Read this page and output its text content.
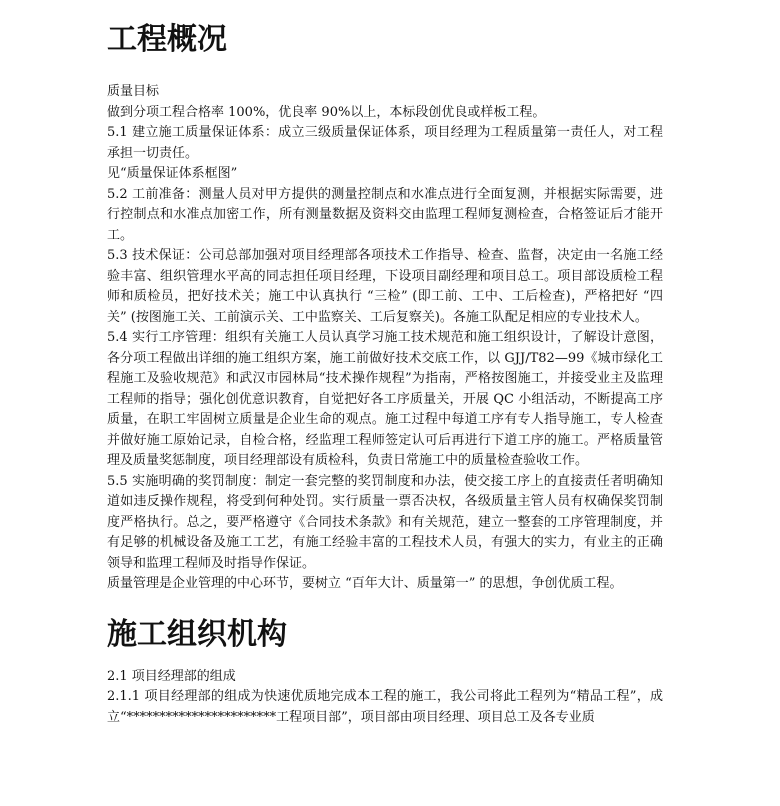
工程概况

质量目标

做到分项工程合格率 100%，优良率 90%以上，本标段创优良或样板工程。

5.1 建立施工质量保证体系：成立三级质量保证体系，项目经理为工程质量第一责任人，对工程承担一切责任。

见“质量保证体系框图”

5.2 工前准备：测量人员对甲方提供的测量控制点和水准点进行全面复测，并根据实际需要，进行控制点和水准点加密工作，所有测量数据及资料交由监理工程师复测检查，合格签证后才能开工。

5.3 技术保证：公司总部加强对项目经理部各项技术工作指导、检查、监督，决定由一名施工经验丰富、组织管理水平高的同志担任项目经理，下设项目副经理和项目总工。项目部设质检工程师和质检员，把好技术关；施工中认真执行 “三检” (即工前、工中、工后检查)，严格把好 “四关” (按图施工关、工前演示关、工中监察关、工后复察关)。各施工队配足相应的专业技术人。

5.4 实行工序管理：组织有关施工人员认真学习施工技术规范和施工组织设计，了解设计意图，各分项工程做出详细的施工组织方案，施工前做好技术交底工作，以 GJJ/T82—99《城市绿化工程施工及验收规范》和武汉市园林局“技术操作规程”为指南，严格按图施工，并接受业主及监理工程师的指导；强化创优意识教育，自觉把好各工序质量关，开展 QC 小组活动，不断提高工序质量，在职工牢固树立质量是企业生命的观点。施工过程中每道工序有专人指导施工，专人检查并做好施工原始记录，自检合格，经监理工程师签定认可后再进行下道工序的施工。严格质量管理及质量奖惩制度，项目经理部设有质检科，负责日常施工中的质量检查验收工作。

5.5 实施明确的奖罚制度：制定一套完整的奖罚制度和办法，使交接工序上的直接责任者明确知道如违反操作规程，将受到何种处罚。实行质量一票否决权，各级质量主管人员有权确保奖罚制度严格执行。总之，要严格遵守《合同技术条款》和有关规范，建立一整套的工序管理制度，并有足够的机械设备及施工工艺，有施工经验丰富的工程技术人员，有强大的实力，有业主的正确领导和监理工程师及时指导作保证。

质量管理是企业管理的中心环节，要树立 “百年大计、质量第一” 的思想，争创优质工程。

施工组织机构

2.1 项目经理部的组成

2.1.1 项目经理部的组成为快速优质地完成本工程的施工，我公司将此工程列为“精品工程”，成立“***********************工程项目部”，项目部由项目经理、项目总工及各专业质
